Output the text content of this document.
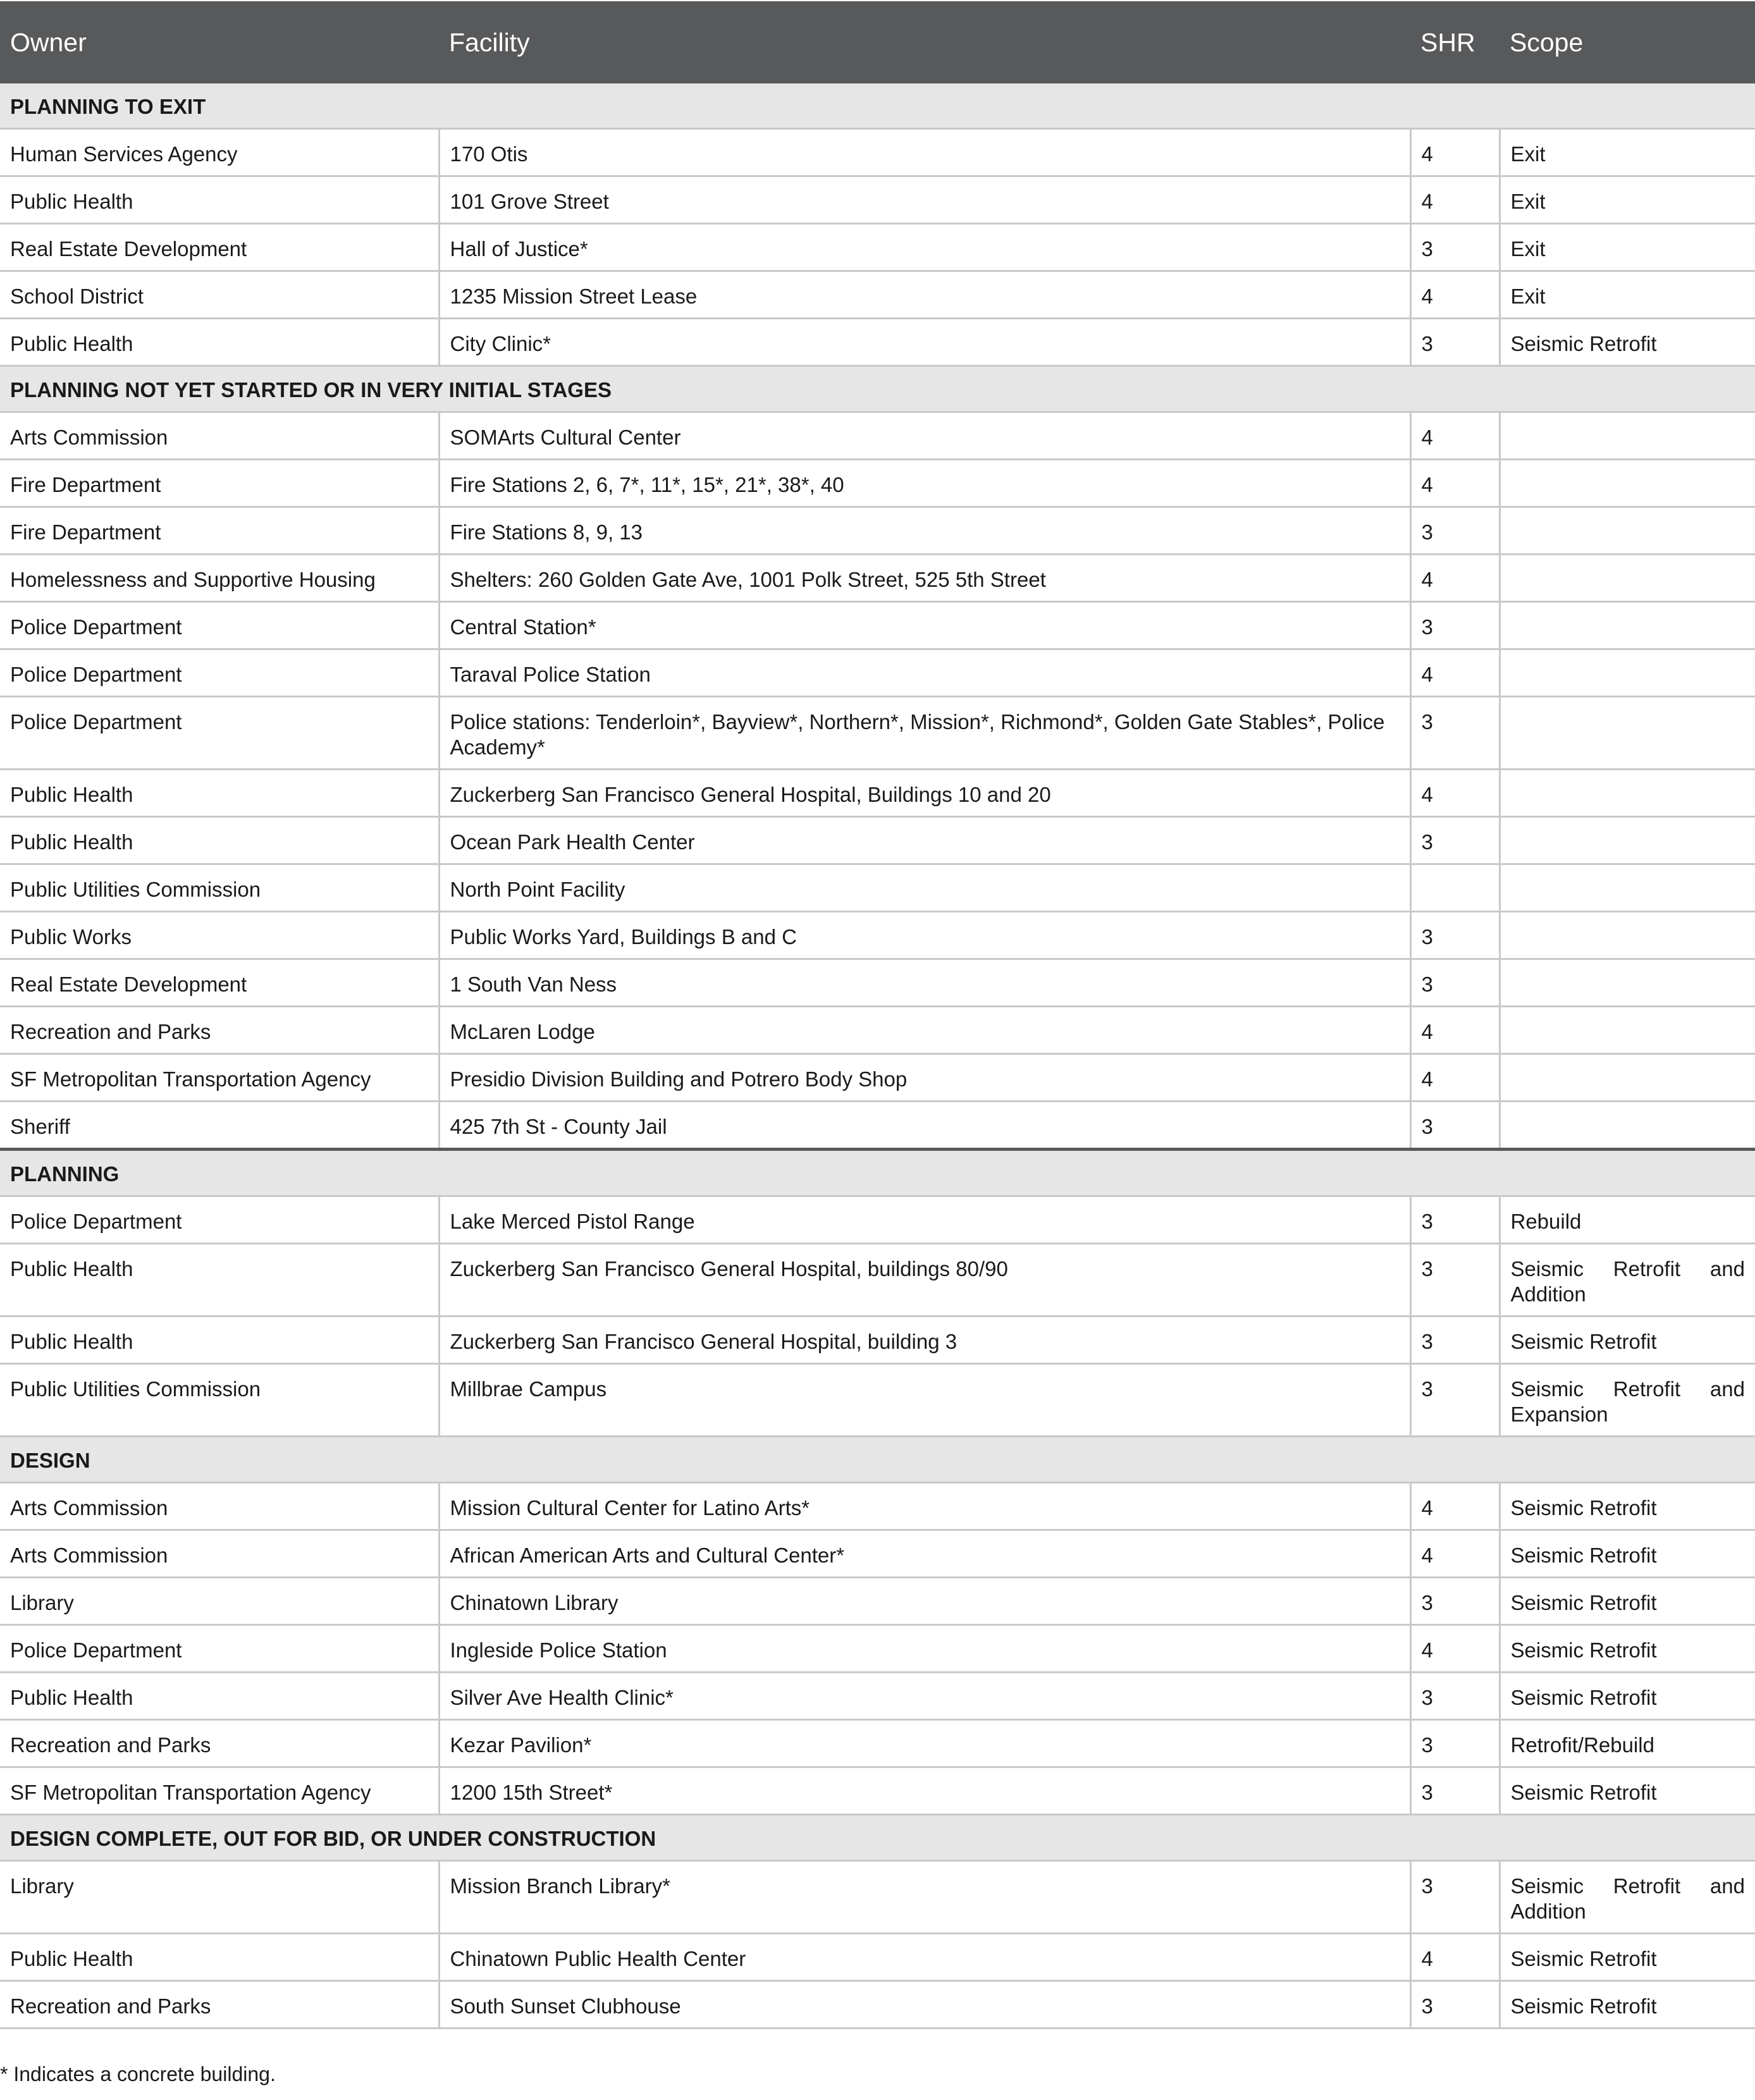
Owner	Facility	SHR	Scope
PLANNING TO EXIT			
Human Services Agency	170 Otis	4	Exit
Public Health	101 Grove Street	4	Exit
Real Estate Development	Hall of Justice*	3	Exit
School District	1235 Mission Street Lease	4	Exit
Public Health	City Clinic*	3	Seismic Retrofit
PLANNING NOT YET STARTED OR IN VERY INITIAL STAGES			
Arts Commission	SOMArts Cultural Center	4	
Fire Department	Fire Stations 2, 6, 7*, 11*, 15*, 21*, 38*, 40	4	
Fire Department	Fire Stations 8, 9, 13	3	
Homelessness and Supportive Housing	Shelters: 260 Golden Gate Ave, 1001 Polk Street, 525 5th Street	4	
Police Department	Central Station*	3	
Police Department	Taraval Police Station	4	
Police Department	Police stations: Tenderloin*, Bayview*, Northern*, Mission*, Richmond*, Golden Gate Stables*, Police Academy*	3	
Public Health	Zuckerberg San Francisco General Hospital, Buildings 10 and 20	4	
Public Health	Ocean Park Health Center	3	
Public Utilities Commission	North Point Facility		
Public Works	Public Works Yard, Buildings B and C	3	
Real Estate Development	1 South Van Ness	3	
Recreation and Parks	McLaren Lodge	4	
SF Metropolitan Transportation Agency	Presidio Division Building and Potrero Body Shop	4	
Sheriff	425 7th St - County Jail	3	
PLANNING			
Police Department	Lake Merced Pistol Range	3	Rebuild
Public Health	Zuckerberg San Francisco General Hospital, buildings 80/90	3	Seismic Retrofit and Addition
Public Health	Zuckerberg San Francisco General Hospital, building 3	3	Seismic Retrofit
Public Utilities Commission	Millbrae Campus	3	Seismic Retrofit and Expansion
DESIGN			
Arts Commission	Mission Cultural Center for Latino Arts*	4	Seismic Retrofit
Arts Commission	African American Arts and Cultural Center*	4	Seismic Retrofit
Library	Chinatown Library	3	Seismic Retrofit
Police Department	Ingleside Police Station	4	Seismic Retrofit
Public Health	Silver Ave Health Clinic*	3	Seismic Retrofit
Recreation and Parks	Kezar Pavilion*	3	Retrofit/Rebuild
SF Metropolitan Transportation Agency	1200 15th Street*	3	Seismic Retrofit
DESIGN COMPLETE, OUT FOR BID, OR UNDER CONSTRUCTION			
Library	Mission Branch Library*	3	Seismic Retrofit and Addition
Public Health	Chinatown Public Health Center	4	Seismic Retrofit
Recreation and Parks	South Sunset Clubhouse	3	Seismic Retrofit
* Indicates a concrete building.
